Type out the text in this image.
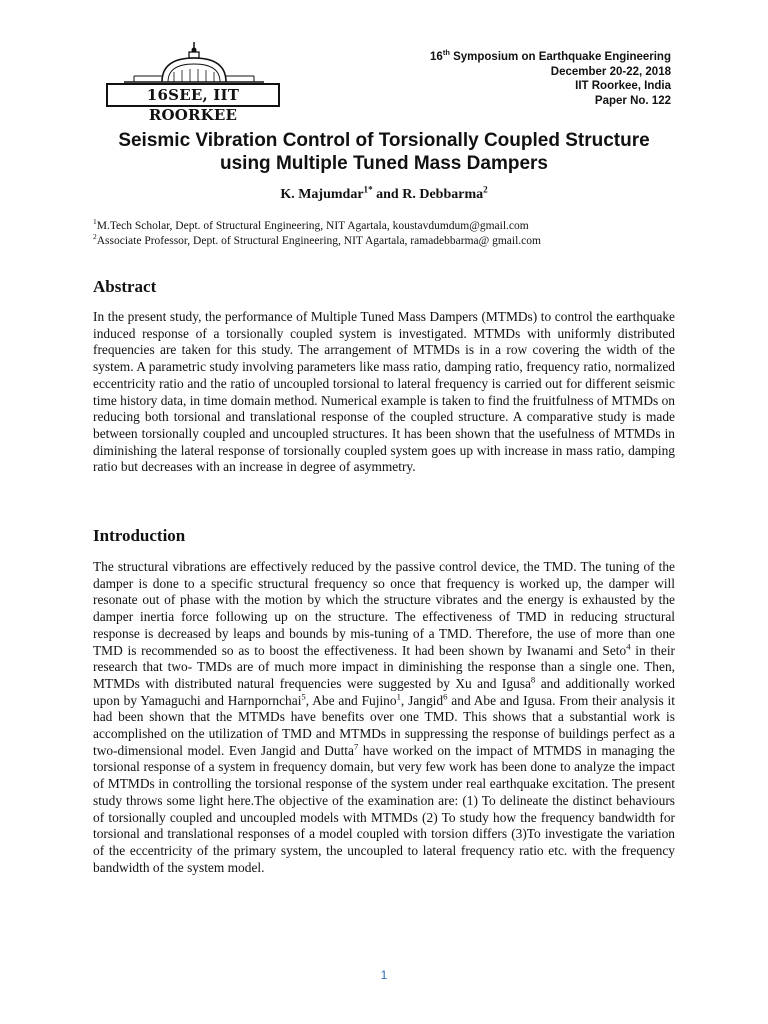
16SEE, IIT ROORKEE
16th Symposium on Earthquake Engineering
December 20-22, 2018
IIT Roorkee, India
Paper No. 122
Seismic Vibration Control of Torsionally Coupled Structure
using Multiple Tuned Mass Dampers
K. Majumdar$^{1*}$ and R. Debbarma$^2$
$^1$M.Tech Scholar, Dept. of Structural Engineering, NIT Agartala, koustavdumdum@gmail.com
$^2$Associate Professor, Dept. of Structural Engineering, NIT Agartala, ramadebbarma@ gmail.com
Abstract

In the present study, the performance of Multiple Tuned Mass Dampers (MTMDs) to control the earthquake induced response of a torsionally coupled system is investigated. MTMDs with uniformly distributed frequencies are taken for this study. The arrangement of MTMDs is in a row covering the width of the system. A parametric study involving parameters like mass ratio, damping ratio, frequency ratio, normalized eccentricity ratio and the ratio of uncoupled torsional to lateral frequency is carried out for different seismic time history data, in time domain method. Numerical example is taken to find the fruitfulness of MTMDs on reducing both torsional and translational response of the coupled structure. A comparative study is made between torsionally coupled and uncoupled structures. It has been shown that the usefulness of MTMDs in diminishing the lateral response of torsionally coupled system goes up with increase in mass ratio, damping ratio but decreases with an increase in degree of asymmetry.

Introduction

The structural vibrations are effectively reduced by the passive control device, the TMD. The tuning of the damper is done to a specific structural frequency so once that frequency is worked up, the damper will resonate out of phase with the motion by which the structure vibrates and the energy is exhausted by the damper inertia force following up on the structure. The effectiveness of TMD in reducing structural response is decreased by leaps and bounds by mis-tuning of a TMD. Therefore, the use of more than one TMD is recommended so as to boost the effectiveness. It had been shown by Iwanami and Seto$^4$ in their research that two- TMDs are of much more impact in diminishing the response than a single one. Then, MTMDs with distributed natural frequencies were suggested by Xu and Igusa$^8$ and additionally worked upon by Yamaguchi and Harnpornchai$^5$, Abe and Fujino$^1$, Jangid$^6$ and Abe and Igusa. From their analysis it had been shown that the MTMDs have benefits over one TMD. This shows that a substantial work is accomplished on the utilization of TMD and MTMDs in suppressing the response of buildings perfect as a two-dimensional model. Even Jangid and Dutta$^7$ have worked on the impact of MTMDS in managing the torsional response of a system in frequency domain, but very few work has been done to analyze the impact of MTMDs in controlling the torsional response of the system under real earthquake excitation. The present study throws some light here.The objective of the examination are: (1) To delineate the distinct behaviours of torsionally coupled and uncoupled models with MTMDs (2) To study how the frequency bandwidth for torsional and translational responses of a model coupled with torsion differs (3)To investigate the variation of the eccentricity of the primary system, the uncoupled to lateral frequency ratio etc. with the frequency bandwidth of the system model.

1
